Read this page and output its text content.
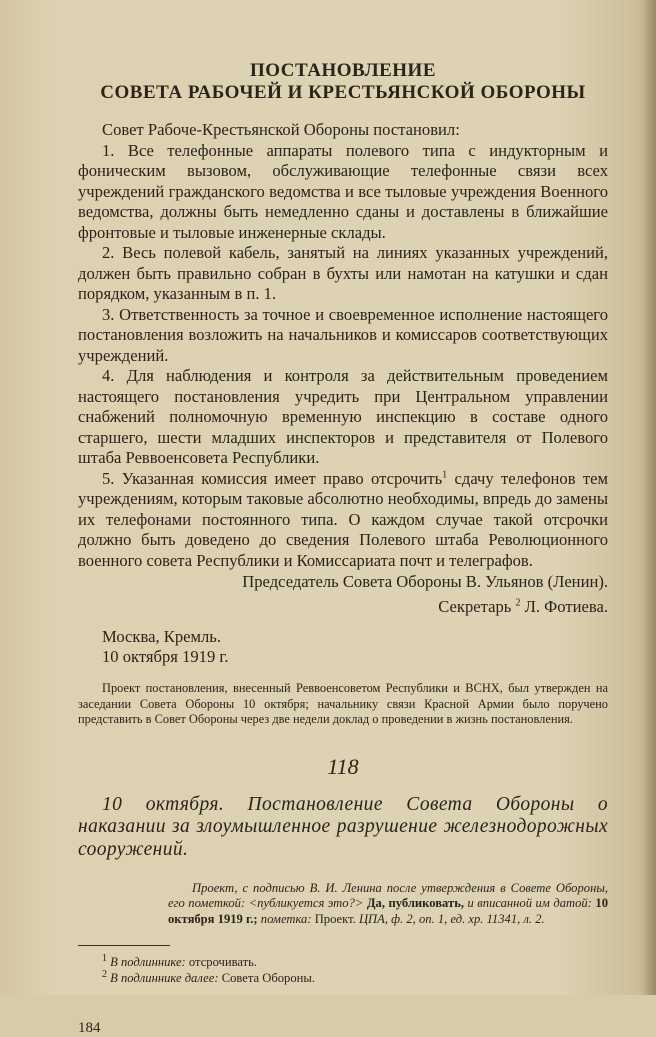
ПОСТАНОВЛЕНИЕ
СОВЕТА РАБОЧЕЙ И КРЕСТЬЯНСКОЙ ОБОРОНЫ

Совет Рабоче-Крестьянской Обороны постановил:

1. Все телефонные аппараты полевого типа с индукторным и фоническим вызовом, обслуживающие телефонные связи всех учреждений гражданского ведомства и все тыловые учреждения Военного ведомства, должны быть немедленно сданы и доставлены в ближайшие фронтовые и тыловые инженерные склады.

2. Весь полевой кабель, занятый на линиях указанных учреждений, должен быть правильно собран в бухты или намотан на катушки и сдан порядком, указанным в п. 1.

3. Ответственность за точное и своевременное исполнение настоящего постановления возложить на начальников и комиссаров соответствующих учреждений.

4. Для наблюдения и контроля за действительным проведением настоящего постановления учредить при Центральном управлении снабжений полномочную временную инспекцию в составе одного старшего, шести младших инспекторов и представителя от Полевого штаба Реввоенсовета Республики.

5. Указанная комиссия имеет право отсрочить$^1$ сдачу телефонов тем учреждениям, которым таковые абсолютно необходимы, впредь до замены их телефонами постоянного типа. О каждом случае такой отсрочки должно быть доведено до сведения Полевого штаба Революционного военного совета Республики и Комиссариата почт и телеграфов.

Председатель Совета Обороны В. Ульянов (Ленин).

Секретарь $^2$ Л. Фотиева.

Москва, Кремль.
10 октября 1919 г.

Проект постановления, внесенный Реввоенсоветом Республики и ВСНХ, был утвержден на заседании Совета Обороны 10 октября; начальнику связи Красной Армии было поручено представить в Совет Обороны через две недели доклад о проведении в жизнь постановления.

118

10 октября. Постановление Совета Обороны о наказании за злоумышленное разрушение железнодорожных сооружений.

Проект, с подписью В. И. Ленина после утверждения в Совете Обороны, его пометкой: <публикуется это?> Да, публиковать, и вписанной им датой: 10 октября 1919 г.; пометка: Проект. ЦПА, ф. 2, оп. 1, ед. хр. 11341, л. 2.

$^1$ В подлиннике: отсрочивать.

$^2$ В подлиннике далее: Совета Обороны.

184
